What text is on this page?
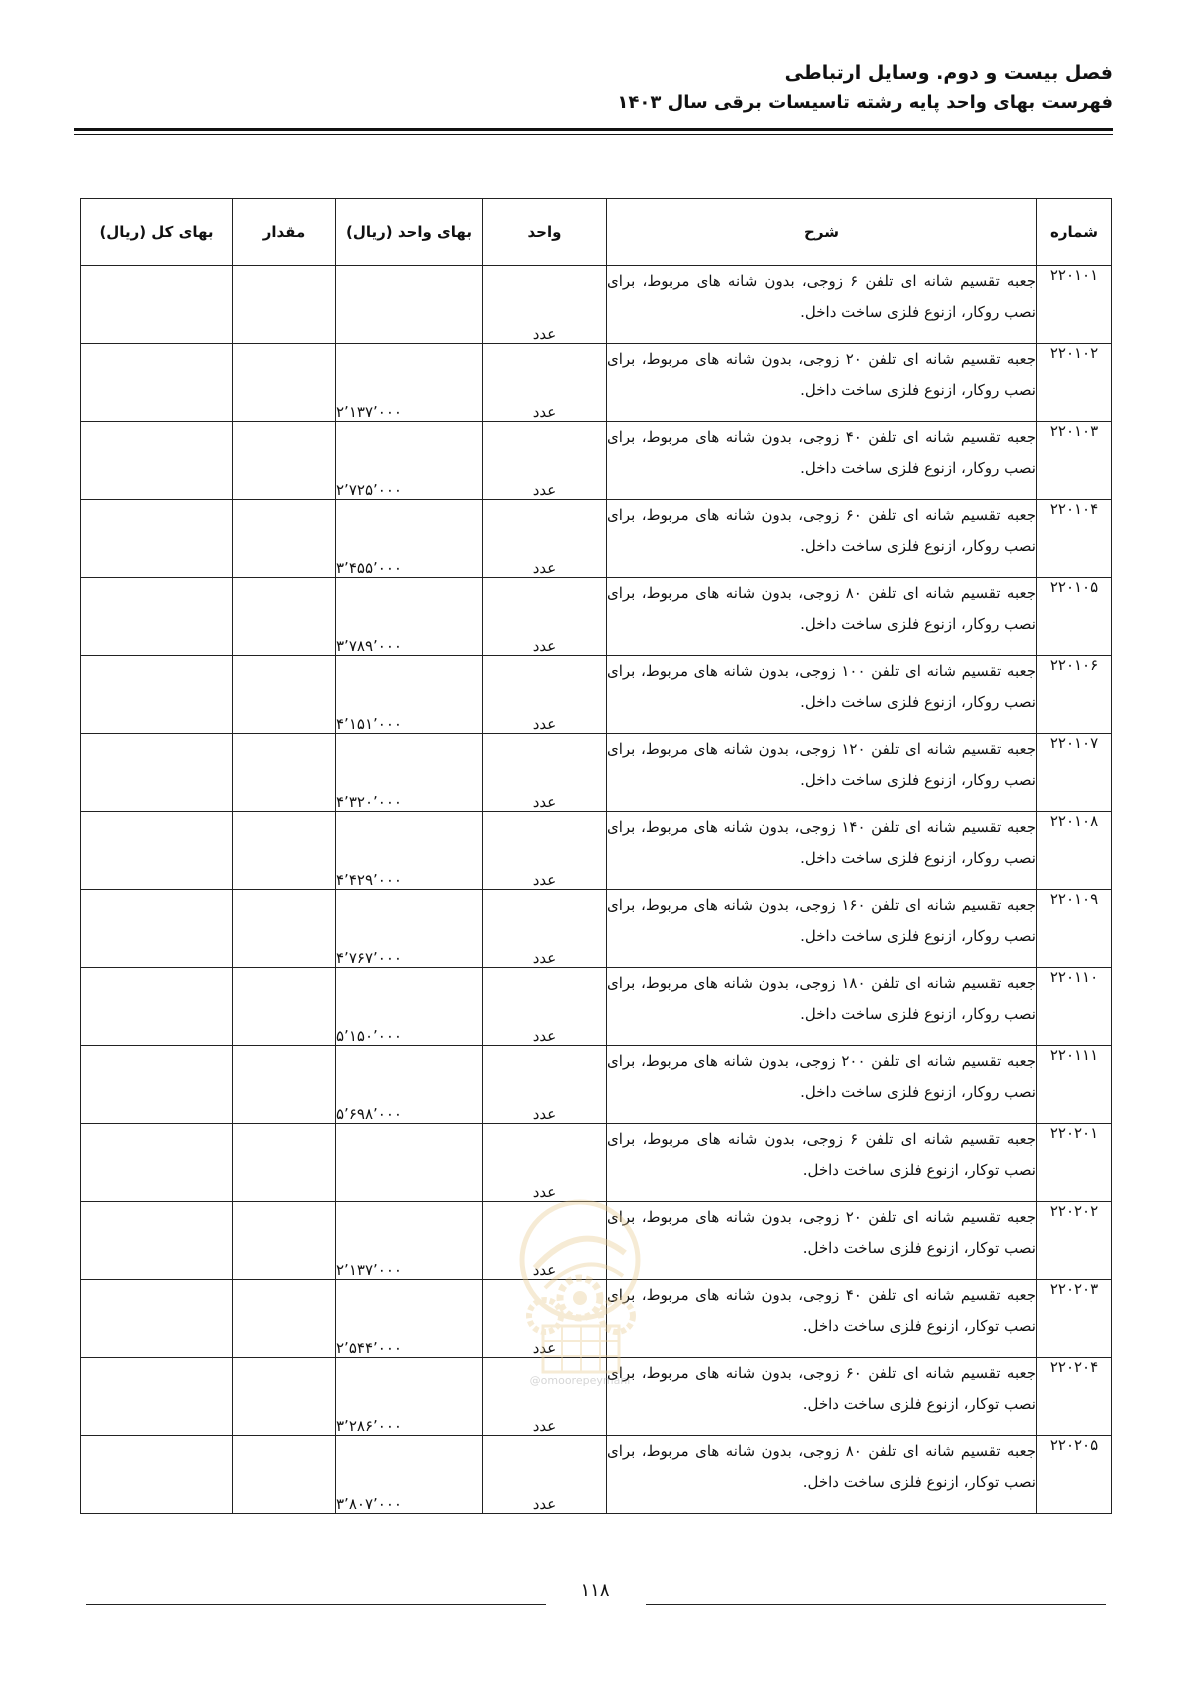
فصل بیست و دوم. وسایل ارتباطی
فهرست بهای واحد پایه رشته تاسیسات برقی سال ۱۴۰۳
شماره	شرح	واحد	بهای واحد (ریال)	مقدار	بهای کل (ریال)
۲۲۰۱۰۱	جعبه تقسیم شانه ای تلفن ۶ زوجی، بدون شانه های مربوط، برای نصب روکار، ازنوع فلزی ساخت داخل.	عدد			
۲۲۰۱۰۲	جعبه تقسیم شانه ای تلفن ۲۰ زوجی، بدون شانه های مربوط، برای نصب روکار، ازنوع فلزی ساخت داخل.	عدد	۲٬۱۳۷٬۰۰۰		
۲۲۰۱۰۳	جعبه تقسیم شانه ای تلفن ۴۰ زوجی، بدون شانه های مربوط، برای نصب روکار، ازنوع فلزی ساخت داخل.	عدد	۲٬۷۲۵٬۰۰۰		
۲۲۰۱۰۴	جعبه تقسیم شانه ای تلفن ۶۰ زوجی، بدون شانه های مربوط، برای نصب روکار، ازنوع فلزی ساخت داخل.	عدد	۳٬۴۵۵٬۰۰۰		
۲۲۰۱۰۵	جعبه تقسیم شانه ای تلفن ۸۰ زوجی، بدون شانه های مربوط، برای نصب روکار، ازنوع فلزی ساخت داخل.	عدد	۳٬۷۸۹٬۰۰۰		
۲۲۰۱۰۶	جعبه تقسیم شانه ای تلفن ۱۰۰ زوجی، بدون شانه های مربوط، برای نصب روکار، ازنوع فلزی ساخت داخل.	عدد	۴٬۱۵۱٬۰۰۰		
۲۲۰۱۰۷	جعبه تقسیم شانه ای تلفن ۱۲۰ زوجی، بدون شانه های مربوط، برای نصب روکار، ازنوع فلزی ساخت داخل.	عدد	۴٬۳۲۰٬۰۰۰		
۲۲۰۱۰۸	جعبه تقسیم شانه ای تلفن ۱۴۰ زوجی، بدون شانه های مربوط، برای نصب روکار، ازنوع فلزی ساخت داخل.	عدد	۴٬۴۲۹٬۰۰۰		
۲۲۰۱۰۹	جعبه تقسیم شانه ای تلفن ۱۶۰ زوجی، بدون شانه های مربوط، برای نصب روکار، ازنوع فلزی ساخت داخل.	عدد	۴٬۷۶۷٬۰۰۰		
۲۲۰۱۱۰	جعبه تقسیم شانه ای تلفن ۱۸۰ زوجی، بدون شانه های مربوط، برای نصب روکار، ازنوع فلزی ساخت داخل.	عدد	۵٬۱۵۰٬۰۰۰		
۲۲۰۱۱۱	جعبه تقسیم شانه ای تلفن ۲۰۰ زوجی، بدون شانه های مربوط، برای نصب روکار، ازنوع فلزی ساخت داخل.	عدد	۵٬۶۹۸٬۰۰۰		
۲۲۰۲۰۱	جعبه تقسیم شانه ای تلفن ۶ زوجی، بدون شانه های مربوط، برای نصب توکار، ازنوع فلزی ساخت داخل.	عدد			
۲۲۰۲۰۲	جعبه تقسیم شانه ای تلفن ۲۰ زوجی، بدون شانه های مربوط، برای نصب توکار، ازنوع فلزی ساخت داخل.	عدد	۲٬۱۳۷٬۰۰۰		
۲۲۰۲۰۳	جعبه تقسیم شانه ای تلفن ۴۰ زوجی، بدون شانه های مربوط، برای نصب توکار، ازنوع فلزی ساخت داخل.	عدد	۲٬۵۴۴٬۰۰۰		
۲۲۰۲۰۴	جعبه تقسیم شانه ای تلفن ۶۰ زوجی، بدون شانه های مربوط، برای نصب توکار، ازنوع فلزی ساخت داخل.	عدد	۳٬۲۸۶٬۰۰۰		
۲۲۰۲۰۵	جعبه تقسیم شانه ای تلفن ۸۰ زوجی، بدون شانه های مربوط، برای نصب توکار، ازنوع فلزی ساخت داخل.	عدد	۳٬۸۰۷٬۰۰۰		
@omoorepeymani
۱۱۸
